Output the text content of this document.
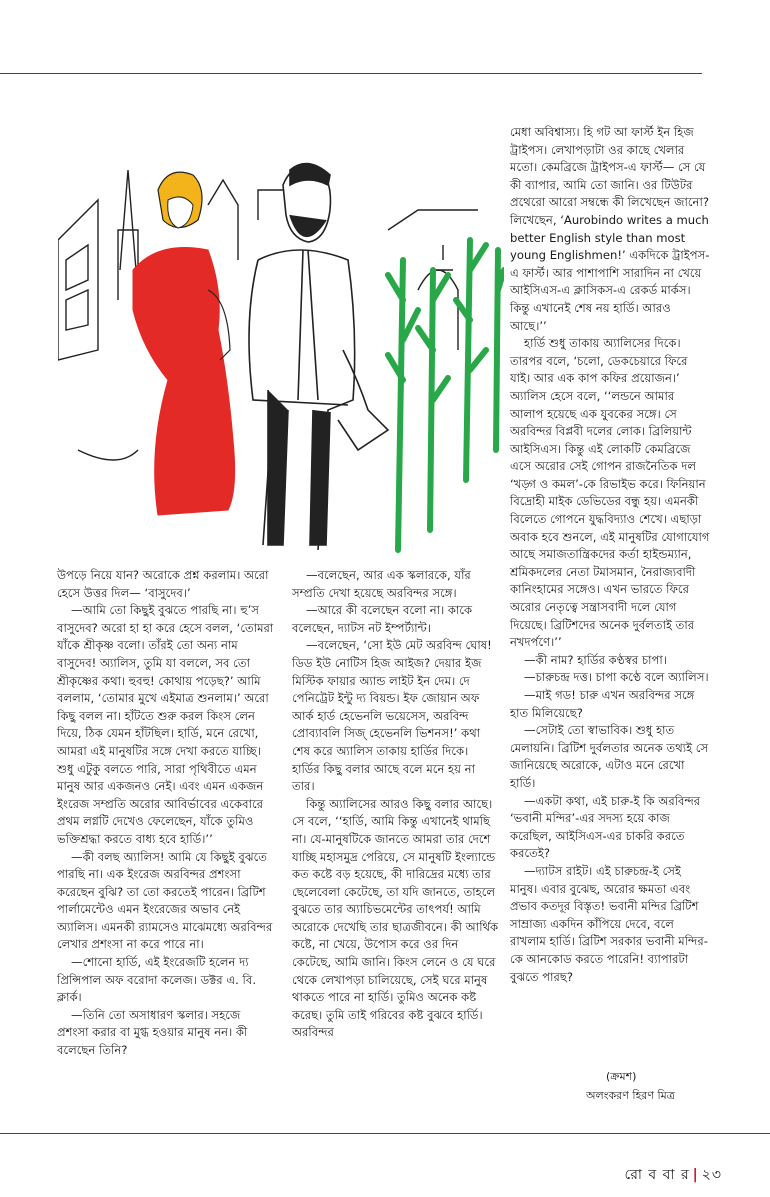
উপড়ে নিয়ে যান? অরোকে প্রশ্ন করলাম। অরো হেসে উত্তর দিল— ‘বাসুদেব।’

—আমি তো কিছুই বুঝতে পারছি না। হু’স বাসুদেব? অরো হা হা করে হেসে বলল, ‘তোমরা যাঁকে শ্রীকৃষ্ণ বলো। তাঁরই তো অন্য নাম বাসুদেব! অ্যালিস, তুমি যা বললে, সব তো শ্রীকৃষ্ণের কথা। হুবহু! কোথায় পড়েছ?’ আমি বললাম, ‘তোমার মুখে এইমাত্র শুনলাম।’ অরো কিছু বলল না। হাঁটতে শুরু করল কিংস লেন দিয়ে, ঠিক যেমন হাঁটছিল। হার্ডি, মনে রেখো, আমরা এই মানুষটির সঙ্গে দেখা করতে যাচ্ছি। শুধু এটুকু বলতে পারি, সারা পৃথিবীতে এমন মানুষ আর একজনও নেই। এবং এমন একজন ইংরেজ সম্প্রতি অরোর আবির্ভাবের একেবারে প্রথম লগ্নটি দেখেও ফেলেছেন, যাঁকে তুমিও ভক্তিশ্রদ্ধা করতে বাধ্য হবে হার্ডি।’’

—কী বলছ অ্যালিস! আমি যে কিছুই বুঝতে পারছি না। এক ইংরেজ অরবিন্দর প্রশংসা করেছেন বুঝি? তা তো করতেই পারেন। ব্রিটিশ পার্লামেন্টেও এমন ইংরেজের অভাব নেই অ্যালিস। এমনকী র‌্যামসেও মাঝেমধ্যে অরবিন্দর লেখার প্রশংসা না করে পারে না।

—শোনো হার্ডি, এই ইংরেজটি হলেন দ্য প্রিন্সিপাল অফ বরোদা কলেজ। ডক্টর এ. বি. ক্লার্ক।

—তিনি তো অসাধারণ স্কলার। সহজে প্রশংসা করার বা মুগ্ধ হওয়ার মানুষ নন। কী বলেছেন তিনি?

—বলেছেন, আর এক স্কলারকে, যাঁর সম্প্রতি দেখা হয়েছে অরবিন্দর সঙ্গে।

—আরে কী বলেছেন বলো না। কাকে বলেছেন, দ্যাটস নট ইম্পর্ট্যান্ট।

—বলেছেন, ‘সো ইউ মেট অরবিন্দ ঘোষ! ডিড ইউ নোটিস হিজ আইজ? দেয়ার ইজ মিস্টিক ফায়ার অ্যান্ড লাইট ইন দেম। দে পেনিট্রেট ইন্টু দ্য বিয়ন্ড। ইফ জোয়ান অফ আর্ক হার্ড হেভেনলি ভয়েসেস, অরবিন্দ প্রোব্যাবলি সিজ্ হেভেনলি ভিশনস!’ কথা শেষ করে অ্যালিস তাকায় হার্ডির দিকে। হার্ডির কিছু বলার আছে বলে মনে হয় না তার।

কিন্তু অ্যালিসের আরও কিছু বলার আছে। সে বলে, ‘‘হার্ডি, আমি কিন্তু এখানেই থামছি না। যে-মানুষটিকে জানতে আমরা তার দেশে যাচ্ছি মহাসমুদ্র পেরিয়ে, সে মানুষটি ইংল্যান্ডে কত কষ্টে বড় হয়েছে, কী দারিদ্রের মধ্যে তার ছেলেবেলা কেটেছে, তা যদি জানতে, তাহলে বুঝতে তার অ্যাচিভমেন্টের তাৎপর্য! আমি অরোকে দেখেছি তার ছাত্রজীবনে। কী আর্থিক কষ্টে, না খেয়ে, উপোস করে ওর দিন কেটেছে, আমি জানি। কিংস লেনে ও যে ঘরে থেকে লেখাপড়া চালিয়েছে, সেই ঘরে মানুষ থাকতে পারে না হার্ডি। তুমিও অনেক কষ্ট করেছ। তুমি তাই গরিবের কষ্ট বুঝবে হার্ডি। অরবিন্দর

মেধা অবিশ্বাস্য। হি গট আ ফার্স্ট ইন হিজ ট্রাইপস। লেখাপড়াটা ওর কাছে খেলার মতো। কেমব্রিজে ট্রাইপস-এ ফার্স্ট— সে যে কী ব্যাপার, আমি তো জানি। ওর টিউটর প্রথেরো আরো সম্বন্ধে কী লিখেছেন জানো? লিখেছেন, ‘Aurobindo writes a much better English style than most young Englishmen!’ একদিকে ট্রাইপস-এ ফার্স্ট। আর পাশাপাশি সারাদিন না খেয়ে আইসিএস-এ ক্লাসিকস-এ রেকর্ড মার্কস। কিন্তু এখানেই শেষ নয় হার্ডি। আরও আছে।’’

হার্ডি শুধু তাকায় অ্যালিসের দিকে। তারপর বলে, ‘চলো, ডেকচেয়ারে ফিরে যাই। আর এক কাপ কফির প্রয়োজন।’ অ্যালিস হেসে বলে, ‘‘লন্ডনে আমার আলাপ হয়েছে এক যুবকের সঙ্গে। সে অরবিন্দর বিপ্লবী দলের লোক। ব্রিলিয়ান্ট আইসিএস। কিন্তু এই লোকটি কেমব্রিজে এসে অরোর সেই গোপন রাজনৈতিক দল ‘খড়্গ ও কমল’-কে রিভাইভ করে। ফিনিয়ান বিদ্রোহী মাইক ডেভিডের বন্ধু হয়। এমনকী বিলেতে গোপনে যুদ্ধবিদ্যাও শেখে। এছাড়া অবাক হবে শুনলে, এই মানুষটির যোগাযোগ আছে সমাজতান্ত্রিকদের কর্তা হাইন্ডম্যান, শ্রমিকদলের নেতা টমাসমান, নৈরাজ্যবাদী কানিংহামের সঙ্গেও। এখন ভারতে ফিরে অরোর নেতৃত্বে সন্ত্রাসবাদী দলে যোগ দিয়েছে। ব্রিটিশদের অনেক দুর্বলতাই তার নখদর্পণে।’’

—কী নাম? হার্ডির কণ্ঠস্বর চাপা।

—চারুচন্দ্র দত্ত। চাপা কণ্ঠে বলে অ্যালিস।

—মাই গড! চারু এখন অরবিন্দর সঙ্গে হাত মিলিয়েছে?

—সেটাই তো স্বাভাবিক। শুধু হাত মেলায়নি। ব্রিটিশ দুর্বলতার অনেক তথ্যই সে জানিয়েছে অরোকে, এটাও মনে রেখো হার্ডি।

—একটা কথা, এই চারু-ই কি অরবিন্দর ‘ভবানী মন্দির’-এর সদস্য হয়ে কাজ করেছিল, আইসিএস-এর চাকরি করতে করতেই?

—দ্যাটস রাইট। এই চারুচন্দ্র-ই সেই মানুষ। এবার বুঝেছ, অরোর ক্ষমতা এবং প্রভাব কতদূর বিস্তৃত! ভবানী মন্দির ব্রিটিশ সাম্রাজ্য একদিন কাঁপিয়ে দেবে, বলে রাখলাম হার্ডি। ব্রিটিশ সরকার ভবানী মন্দির-কে আনকোড করতে পারেনি! ব্যাপারটা বুঝতে পারছ?

(ক্রমশ)
অলংকরণ হিরণ মিত্র
রো ব বা র | ২৩
